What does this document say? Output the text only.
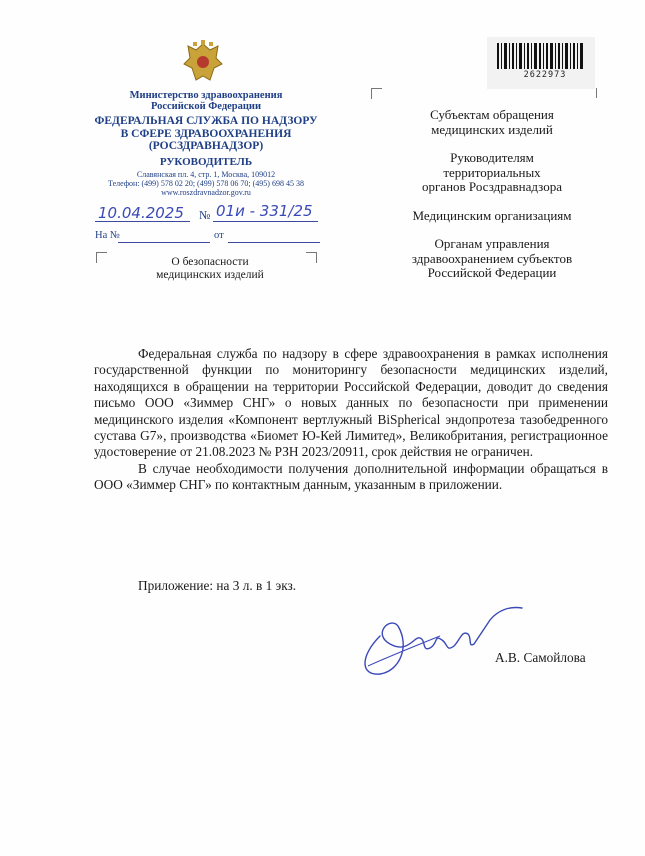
Министерство здравоохранения
Российской Федерации
ФЕДЕРАЛЬНАЯ СЛУЖБА ПО НАДЗОРУ
В СФЕРЕ ЗДРАВООХРАНЕНИЯ
(РОСЗДРАВНАДЗОР)
РУКОВОДИТЕЛЬ
Славянская пл. 4, стр. 1, Москва, 109012
Телефон: (499) 578 02 20; (499) 578 06 70; (495) 698 45 38
www.roszdravnadzor.gov.ru
10.04.2025 № 01и - 331/25
На №	от
О безопасности
медицинских изделий
2622973

Субъектам обращения
медицинских изделий

Руководителям
территориальных
органов Росздравнадзора

Медицинским организациям

Органам управления
здравоохранением субъектов
Российской Федерации

Федеральная служба по надзору в сфере здравоохранения в рамках исполнения государственной функции по мониторингу безопасности медицинских изделий, находящихся в обращении на территории Российской Федерации, доводит до сведения письмо ООО «Зиммер СНГ» о новых данных по безопасности при применении медицинского изделия «Компонент вертлужный BiSpherical эндопротеза тазобедренного сустава G7», производства «Биомет Ю-Кей Лимитед», Великобритания, регистрационное удостоверение от 21.08.2023 № РЗН 2023/20911, срок действия не ограничен.

В случае необходимости получения дополнительной информации обращаться в ООО «Зиммер СНГ» по контактным данным, указанным в приложении.

Приложение: на 3 л. в 1 экз.
А.В. Самойлова
